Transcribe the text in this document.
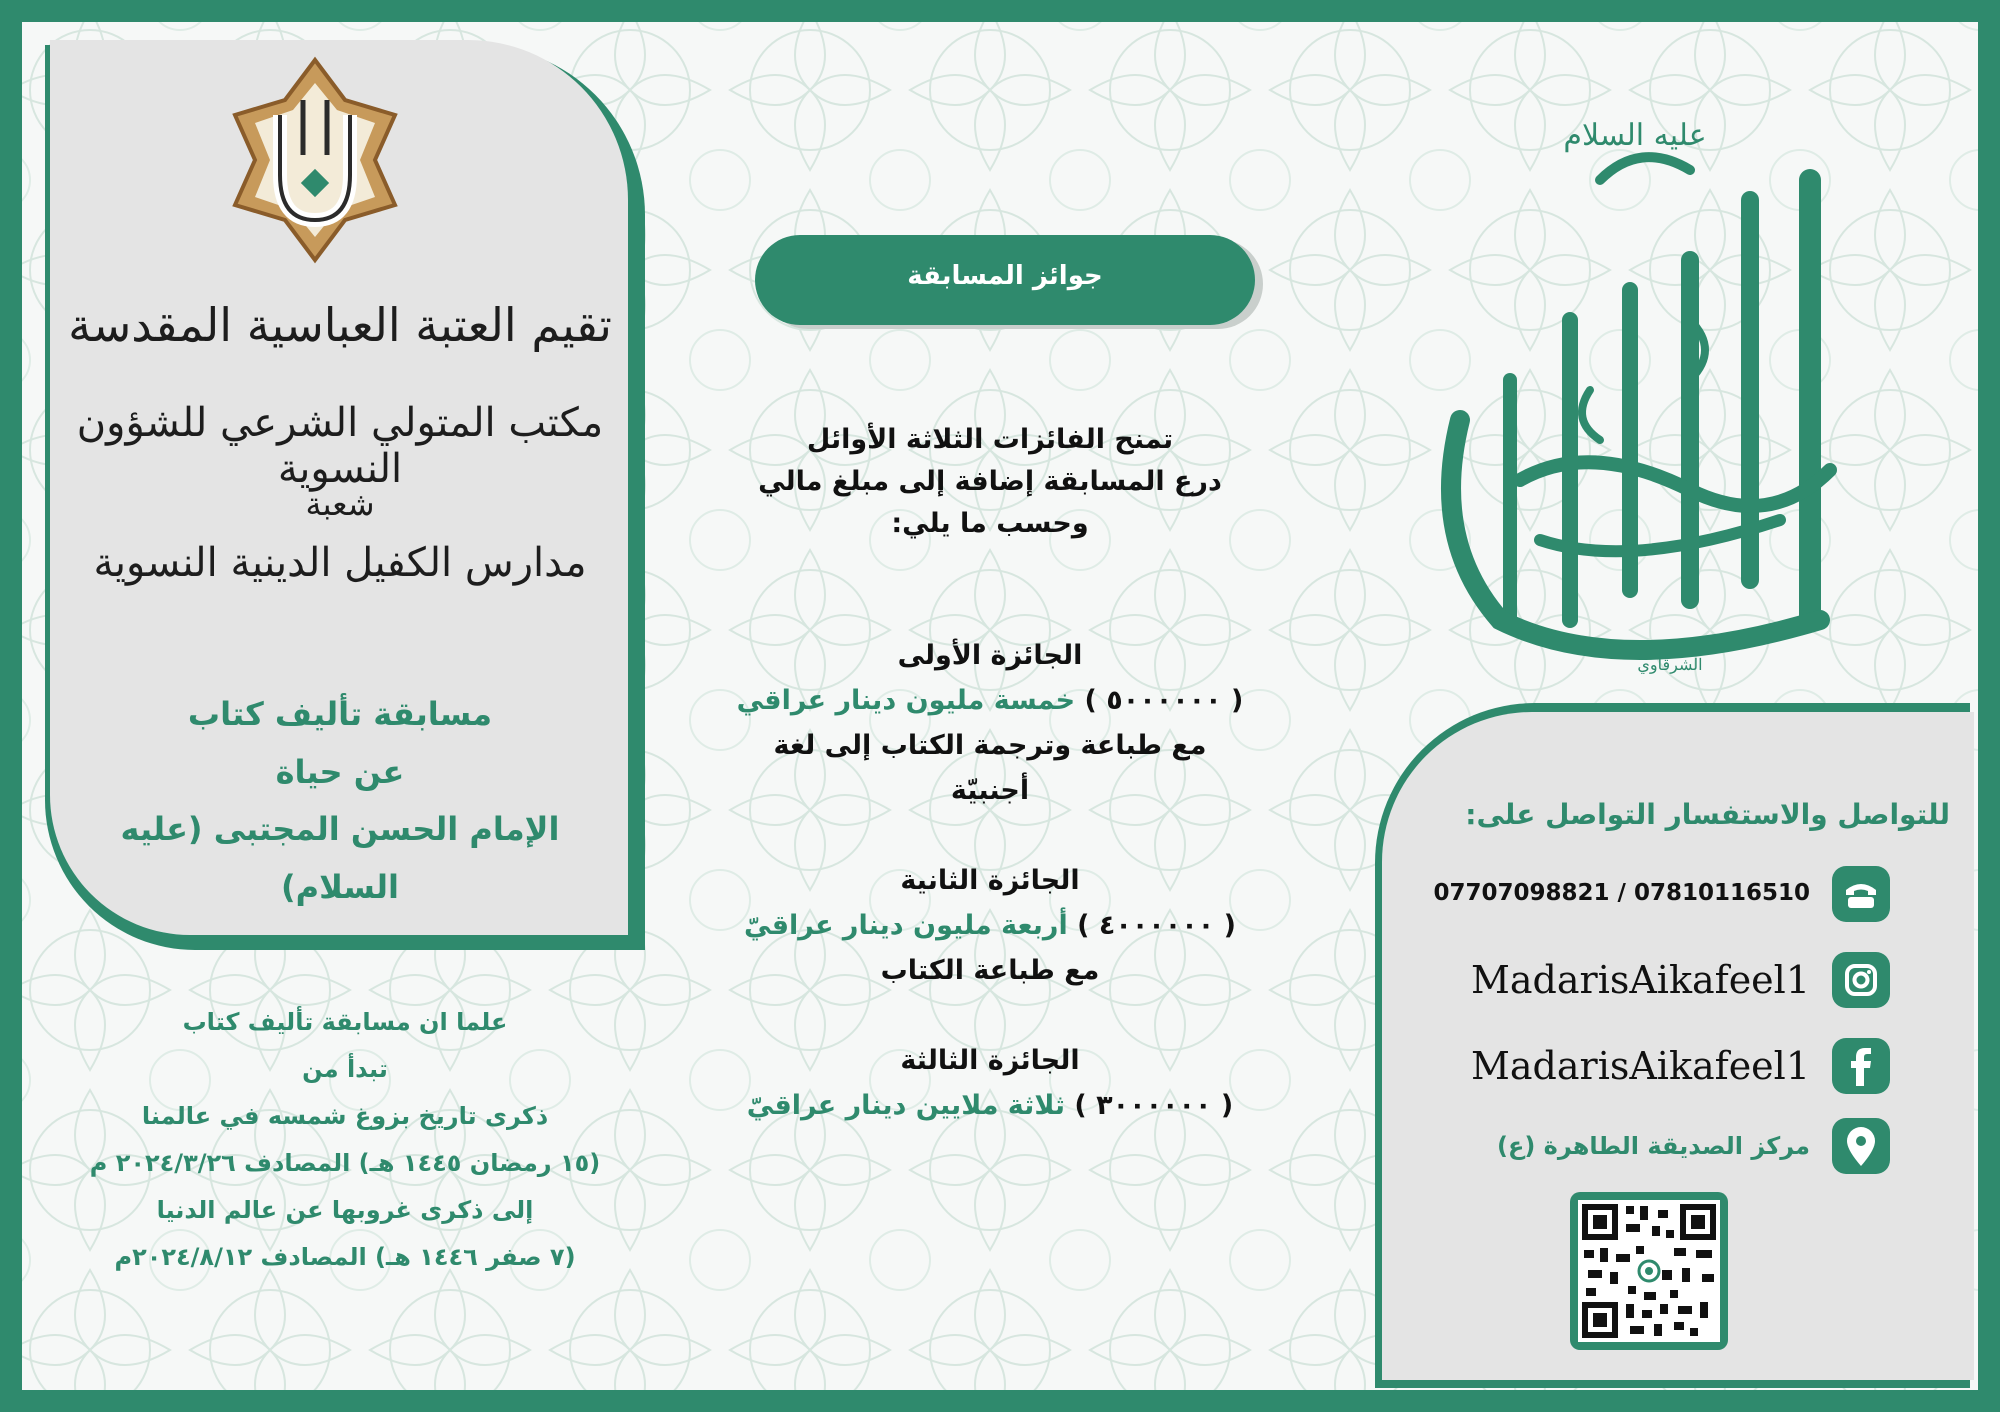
تقيم العتبة العباسية المقدسة
مكتب المتولي الشرعي للشؤون النسوية
شعبة
مدارس الكفيل الدينية النسوية
مسابقة تأليف كتاب
عن حياة
الإمام الحسن المجتبى (عليه السلام)
علما ان مسابقة تأليف كتاب
تبدأ من
ذكرى تاريخ بزوغ شمسه في عالمنا
(١٥ رمضان ١٤٤٥ هـ) المصادف ٢٠٢٤/٣/٢٦ م
إلى ذكرى غروبها عن عالم الدنيا
(٧ صفر ١٤٤٦ هـ) المصادف ٢٠٢٤/٨/١٢م
جوائز المسابقة
تمنح الفائزات الثلاثة الأوائل
درع المسابقة إضافة إلى مبلغ مالي
وحسب ما يلي:
الجائزة الأولى
( ٥٠٠٠٠٠٠ ) خمسة مليون دينار عراقي
مع طباعة وترجمة الكتاب إلى لغة
أجنبيّة
الجائزة الثانية
( ٤٠٠٠٠٠٠ ) أربعة مليون دينار عراقيّ
مع طباعة الكتاب
الجائزة الثالثة
( ٣٠٠٠٠٠٠ ) ثلاثة ملايين دينار عراقيّ
عليه السلام
الشرقاوي
للتواصل والاستفسار التواصل على:
07707098821 / 07810116510
MadarisAikafeel1
MadarisAikafeel1
مركز الصديقة الطاهرة (ع)
